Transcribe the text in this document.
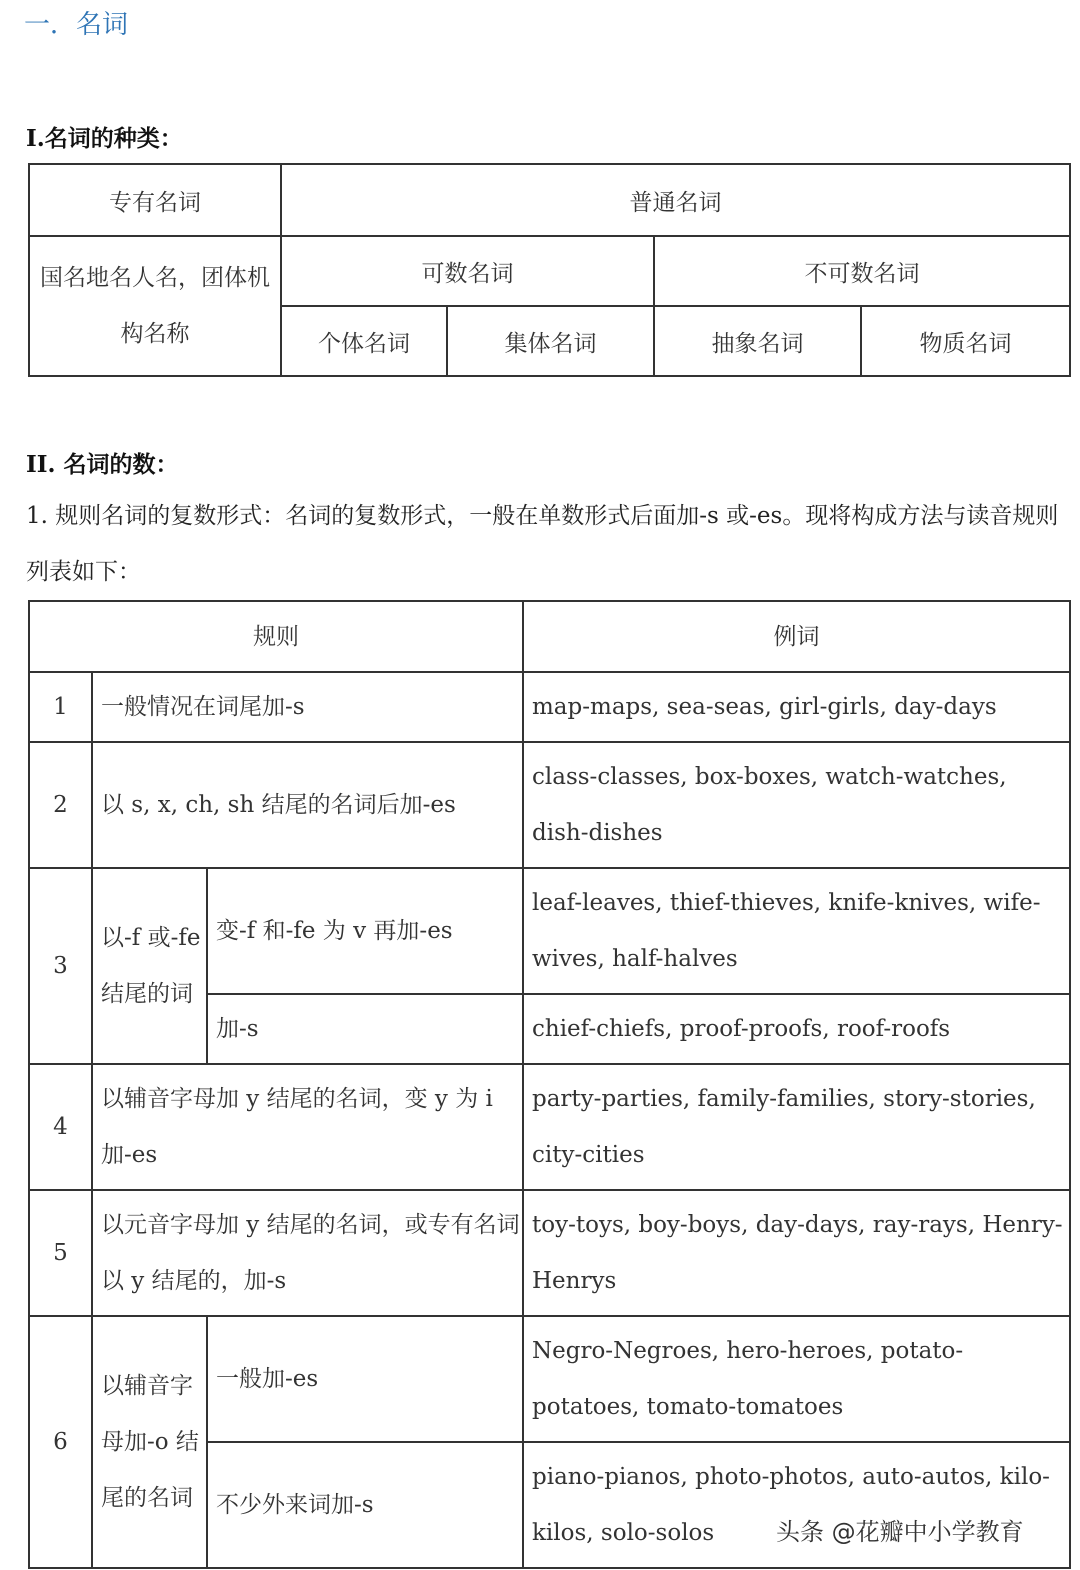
一．名词
I.名词的种类：
专有名词	普通名词			
国名地名人名，团体机构名称	可数名词		不可数名词	
	个体名词	集体名词	抽象名词	物质名词
II. 名词的数：
1. 规则名词的复数形式：名词的复数形式，一般在单数形式后面加-s 或-es。现将构成方法与读音规则列表如下：
规则			例词
1	一般情况在词尾加-s		map-maps, sea-seas, girl-girls, day-days
2	以 s, x, ch, sh 结尾的名词后加-es		class-classes, box-boxes, watch-watches, dish-dishes
3	以-f 或-fe 结尾的词	变-f 和-fe 为 v 再加-es	leaf-leaves, thief-thieves, knife-knives, wife-wives, half-halves
		加-s	chief-chiefs, proof-proofs, roof-roofs
4	以辅音字母加 y 结尾的名词，变 y 为 i 加-es		party-parties, family-families, story-stories, city-cities
5	以元音字母加 y 结尾的名词，或专有名词以 y 结尾的，加-s		toy-toys, boy-boys, day-days, ray-rays, Henry-Henrys
6	以辅音字母加-o 结尾的名词	一般加-es	Negro-Negroes, hero-heroes, potato-potatoes, tomato-tomatoes
		不少外来词加-s	piano-pianos, photo-photos, auto-autos, kilo-kilos, solo-solos	头条 @花瓣中小学教育
